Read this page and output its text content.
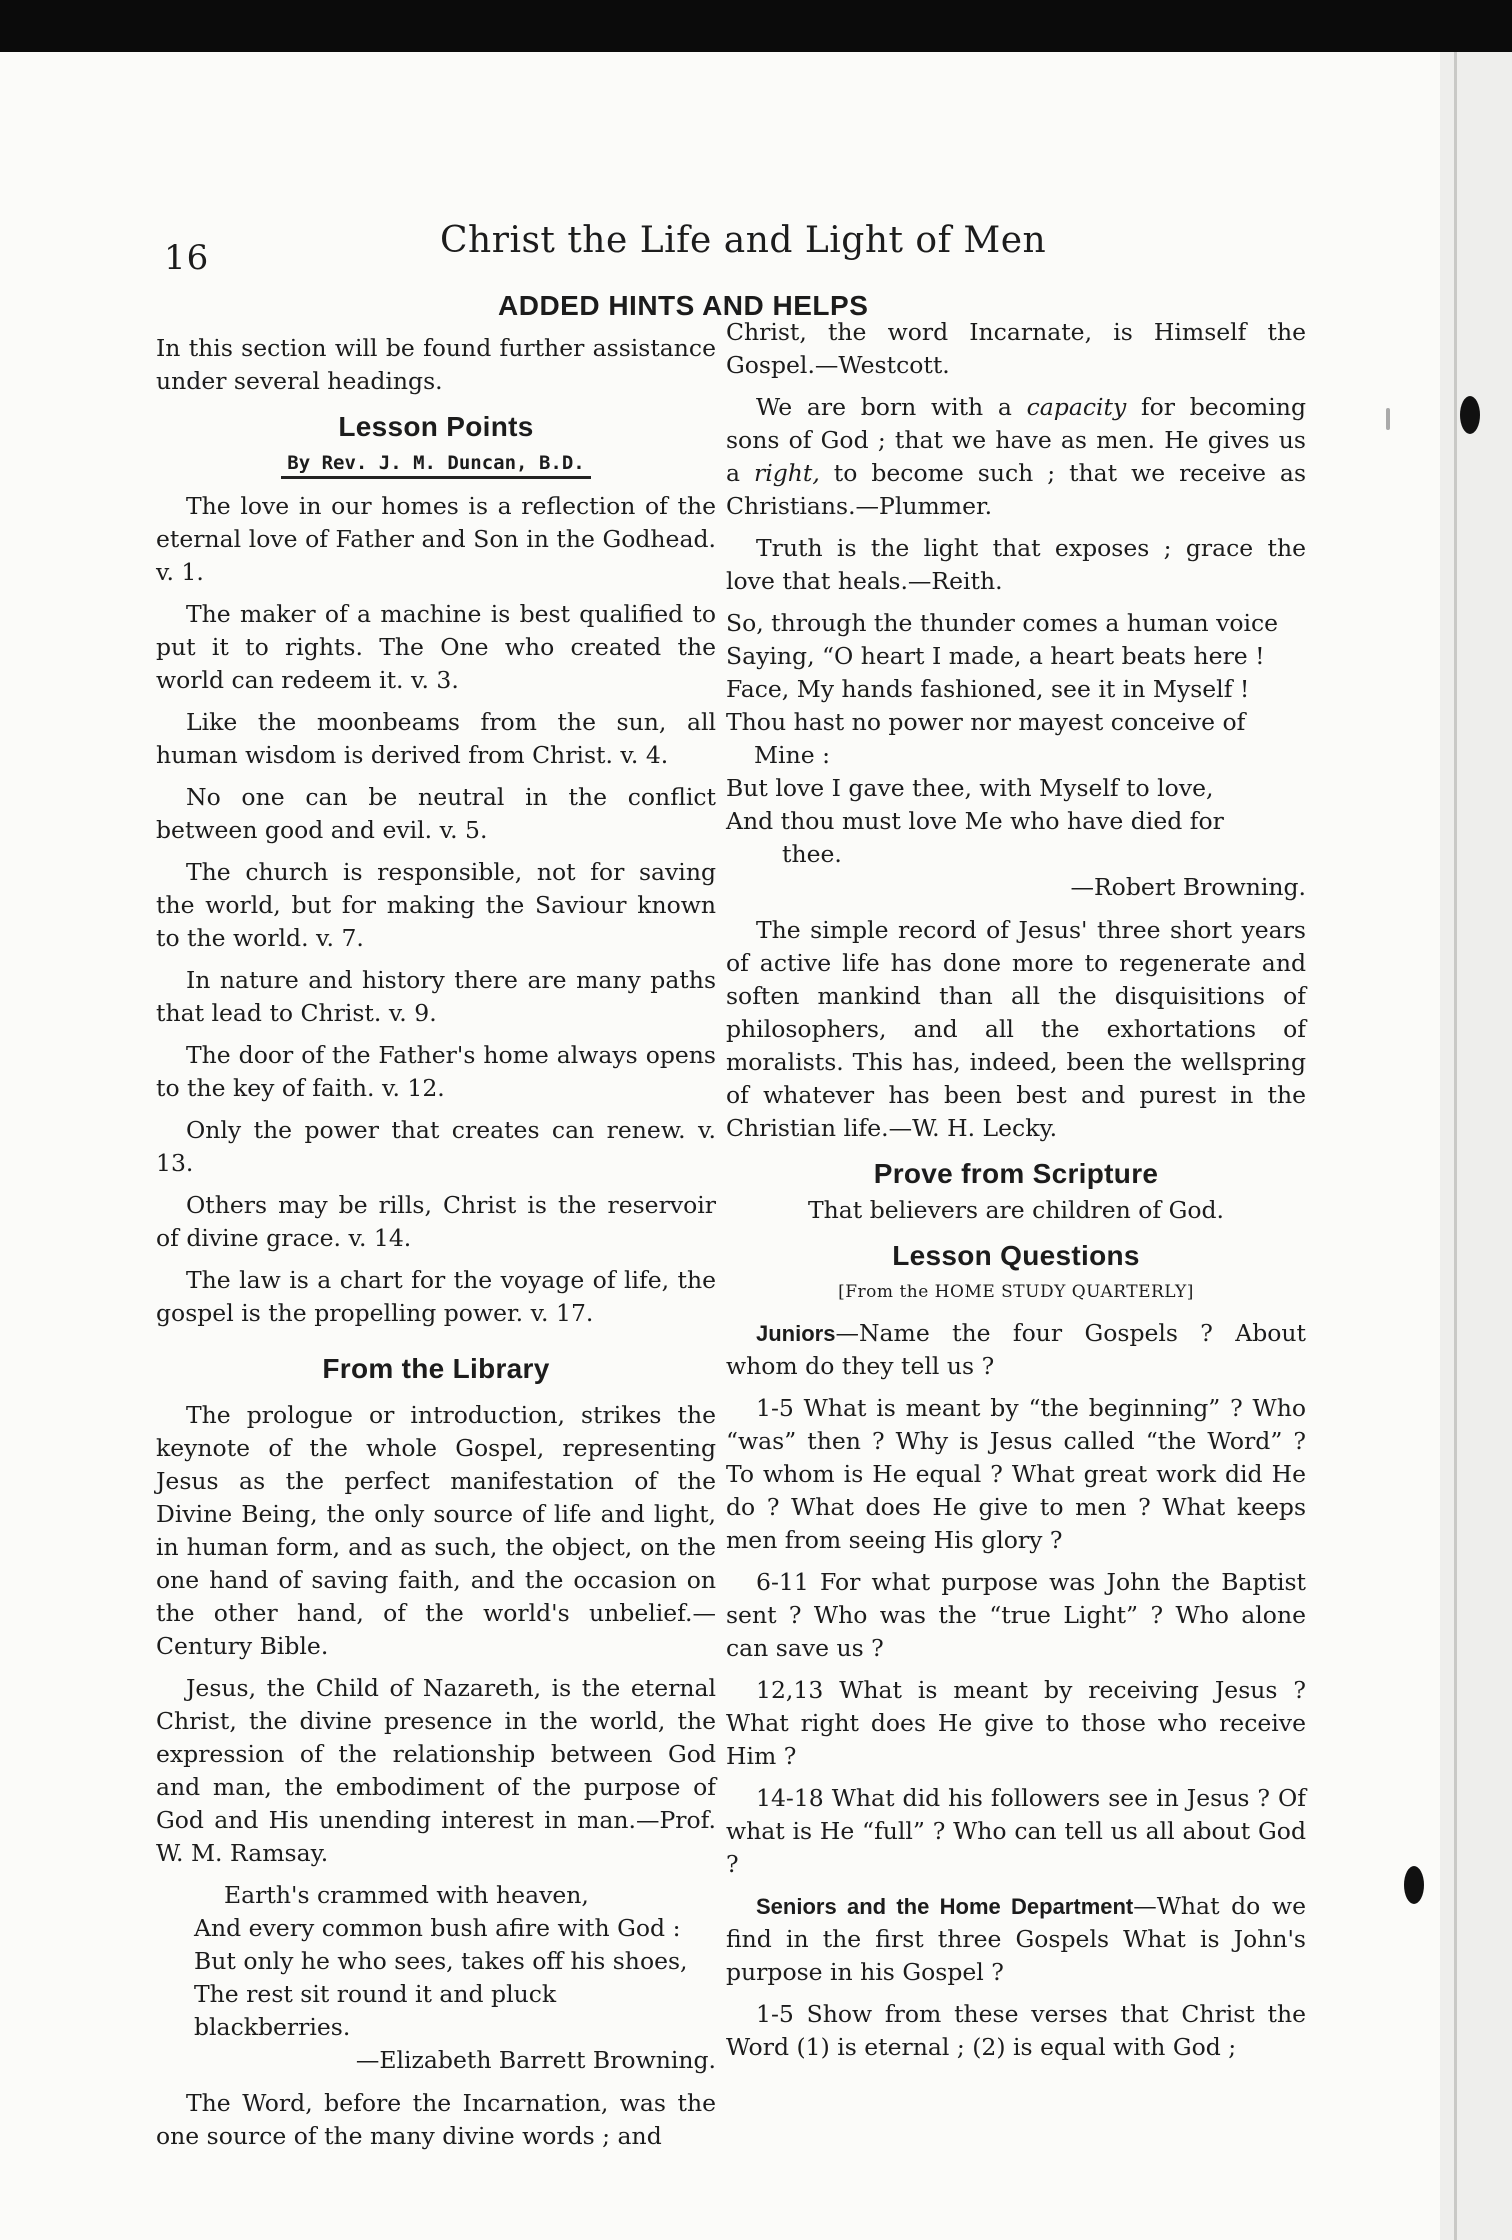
16	Christ the Life and Light of Men
ADDED HINTS AND HELPS

In this section will be found further assistance under several headings.

Lesson Points
By Rev. J. M. Duncan, B.D.

The love in our homes is a reflection of the eternal love of Father and Son in the Godhead. v. 1.

The maker of a machine is best qualified to put it to rights. The One who created the world can redeem it. v. 3.

Like the moonbeams from the sun, all human wisdom is derived from Christ. v. 4.

No one can be neutral in the conflict between good and evil. v. 5.

The church is responsible, not for saving the world, but for making the Saviour known to the world. v. 7.

In nature and history there are many paths that lead to Christ. v. 9.

The door of the Father's home always opens to the key of faith. v. 12.

Only the power that creates can renew. v. 13.

Others may be rills, Christ is the reservoir of divine grace. v. 14.

The law is a chart for the voyage of life, the gospel is the propelling power. v. 17.

From the Library

The prologue or introduction, strikes the keynote of the whole Gospel, representing Jesus as the perfect manifestation of the Divine Being, the only source of life and light, in human form, and as such, the object, on the one hand of saving faith, and the occasion on the other hand, of the world's unbelief.—Century Bible.

Jesus, the Child of Nazareth, is the eternal Christ, the divine presence in the world, the expression of the relationship between God and man, the embodiment of the purpose of God and His unending interest in man.—Prof. W. M. Ramsay.

Earth's crammed with heaven,
And every common bush afire with God :
But only he who sees, takes off his shoes,
The rest sit round it and pluck blackberries.
—Elizabeth Barrett Browning.

The Word, before the Incarnation, was the one source of the many divine words ; and

Christ, the word Incarnate, is Himself the Gospel.—Westcott.

We are born with a capacity for becoming sons of God ; that we have as men. He gives us a right, to become such ; that we receive as Christians.—Plummer.

Truth is the light that exposes ; grace the love that heals.—Reith.

So, through the thunder comes a human voice
Saying, “O heart I made, a heart beats here !
Face, My hands fashioned, see it in Myself !
Thou hast no power nor mayest conceive of
Mine :
But love I gave thee, with Myself to love,
And thou must love Me who have died for
thee.
—Robert Browning.

The simple record of Jesus' three short years of active life has done more to regenerate and soften mankind than all the disquisitions of philosophers, and all the exhortations of moralists. This has, indeed, been the wellspring of whatever has been best and purest in the Christian life.—W. H. Lecky.

Prove from Scripture

That believers are children of God.

Lesson Questions
[From the HOME STUDY QUARTERLY]

Juniors—Name the four Gospels ? About whom do they tell us ?

1-5 What is meant by “the beginning” ? Who “was” then ? Why is Jesus called “the Word” ? To whom is He equal ? What great work did He do ? What does He give to men ? What keeps men from seeing His glory ?

6-11 For what purpose was John the Baptist sent ? Who was the “true Light” ? Who alone can save us ?

12,13 What is meant by receiving Jesus ? What right does He give to those who receive Him ?

14-18 What did his followers see in Jesus ? Of what is He “full” ? Who can tell us all about God ?

Seniors and the Home Department—What do we find in the first three Gospels What is John's purpose in his Gospel ?

1-5 Show from these verses that Christ the Word (1) is eternal ; (2) is equal with God ;
